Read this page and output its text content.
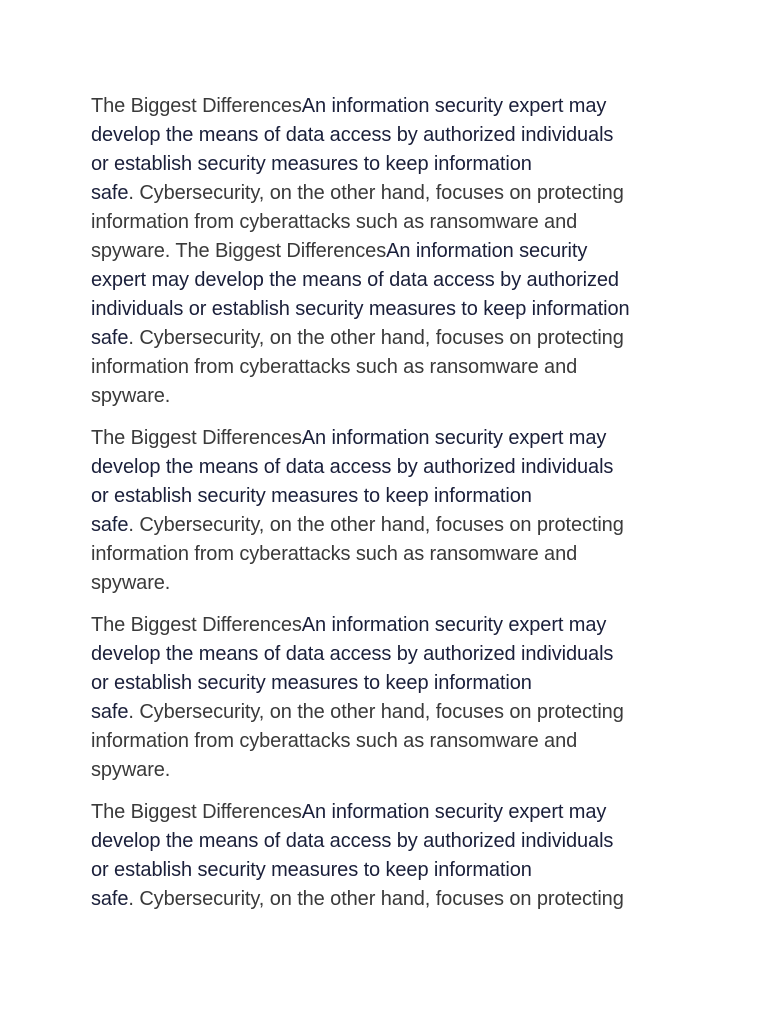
The Biggest DifferencesAn information security expert may
develop the means of data access by authorized individuals
or establish security measures to keep information
safe. Cybersecurity, on the other hand, focuses on protecting
information from cyberattacks such as ransomware and
spyware. The Biggest DifferencesAn information security
expert may develop the means of data access by authorized
individuals or establish security measures to keep information
safe. Cybersecurity, on the other hand, focuses on protecting
information from cyberattacks such as ransomware and
spyware.

The Biggest DifferencesAn information security expert may
develop the means of data access by authorized individuals
or establish security measures to keep information
safe. Cybersecurity, on the other hand, focuses on protecting
information from cyberattacks such as ransomware and
spyware.

The Biggest DifferencesAn information security expert may
develop the means of data access by authorized individuals
or establish security measures to keep information
safe. Cybersecurity, on the other hand, focuses on protecting
information from cyberattacks such as ransomware and
spyware.

The Biggest DifferencesAn information security expert may
develop the means of data access by authorized individuals
or establish security measures to keep information
safe. Cybersecurity, on the other hand, focuses on protecting
